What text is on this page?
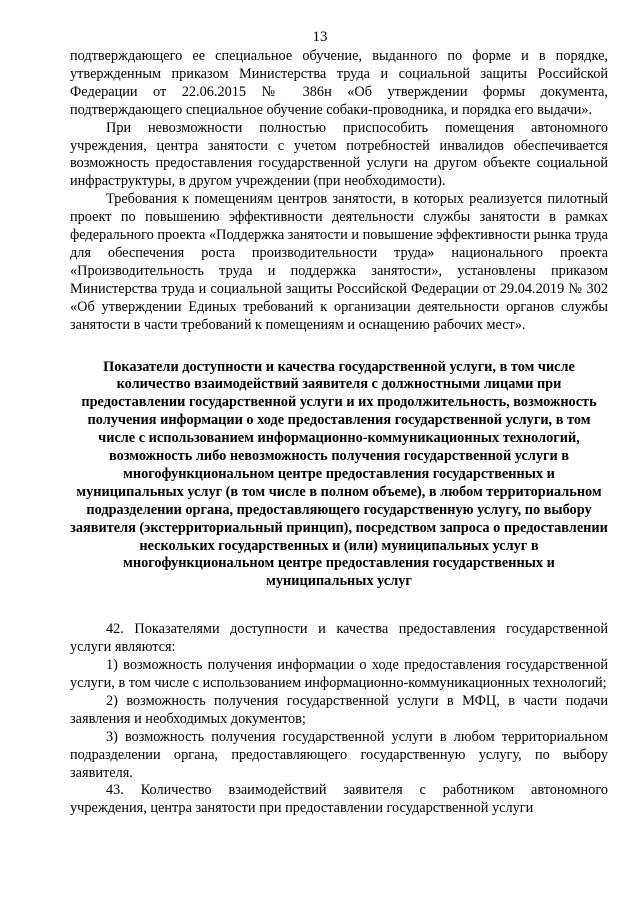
13

подтверждающего ее специальное обучение, выданного по форме и в порядке, утвержденным приказом Министерства труда и социальной защиты Российской Федерации от 22.06.2015 № 386н «Об утверждении формы документа, подтверждающего специальное обучение собаки-проводника, и порядка его выдачи».

При невозможности полностью приспособить помещения автономного учреждения, центра занятости с учетом потребностей инвалидов обеспечивается возможность предоставления государственной услуги на другом объекте социальной инфраструктуры, в другом учреждении (при необходимости).

Требования к помещениям центров занятости, в которых реализуется пилотный проект по повышению эффективности деятельности службы занятости в рамках федерального проекта «Поддержка занятости и повышение эффективности рынка труда для обеспечения роста производительности труда» национального проекта «Производительность труда и поддержка занятости», установлены приказом Министерства труда и социальной защиты Российской Федерации от 29.04.2019 № 302 «Об утверждении Единых требований к организации деятельности органов службы занятости в части требований к помещениям и оснащению рабочих мест».

Показатели доступности и качества государственной услуги, в том числе количество взаимодействий заявителя с должностными лицами при предоставлении государственной услуги и их продолжительность, возможность получения информации о ходе предоставления государственной услуги, в том числе с использованием информационно-коммуникационных технологий, возможность либо невозможность получения государственной услуги в многофункциональном центре предоставления государственных и муниципальных услуг (в том числе в полном объеме), в любом территориальном подразделении органа, предоставляющего государственную услугу, по выбору заявителя (экстерриториальный принцип), посредством запроса о предоставлении нескольких государственных и (или) муниципальных услуг в многофункциональном центре предоставления государственных и муниципальных услуг

42. Показателями доступности и качества предоставления государственной услуги являются:

1) возможность получения информации о ходе предоставления государственной услуги, в том числе с использованием информационно-коммуникационных технологий;

2) возможность получения государственной услуги в МФЦ, в части подачи заявления и необходимых документов;

3) возможность получения государственной услуги в любом территориальном подразделении органа, предоставляющего государственную услугу, по выбору заявителя.

43. Количество взаимодействий заявителя с работником автономного учреждения, центра занятости при предоставлении государственной услуги
